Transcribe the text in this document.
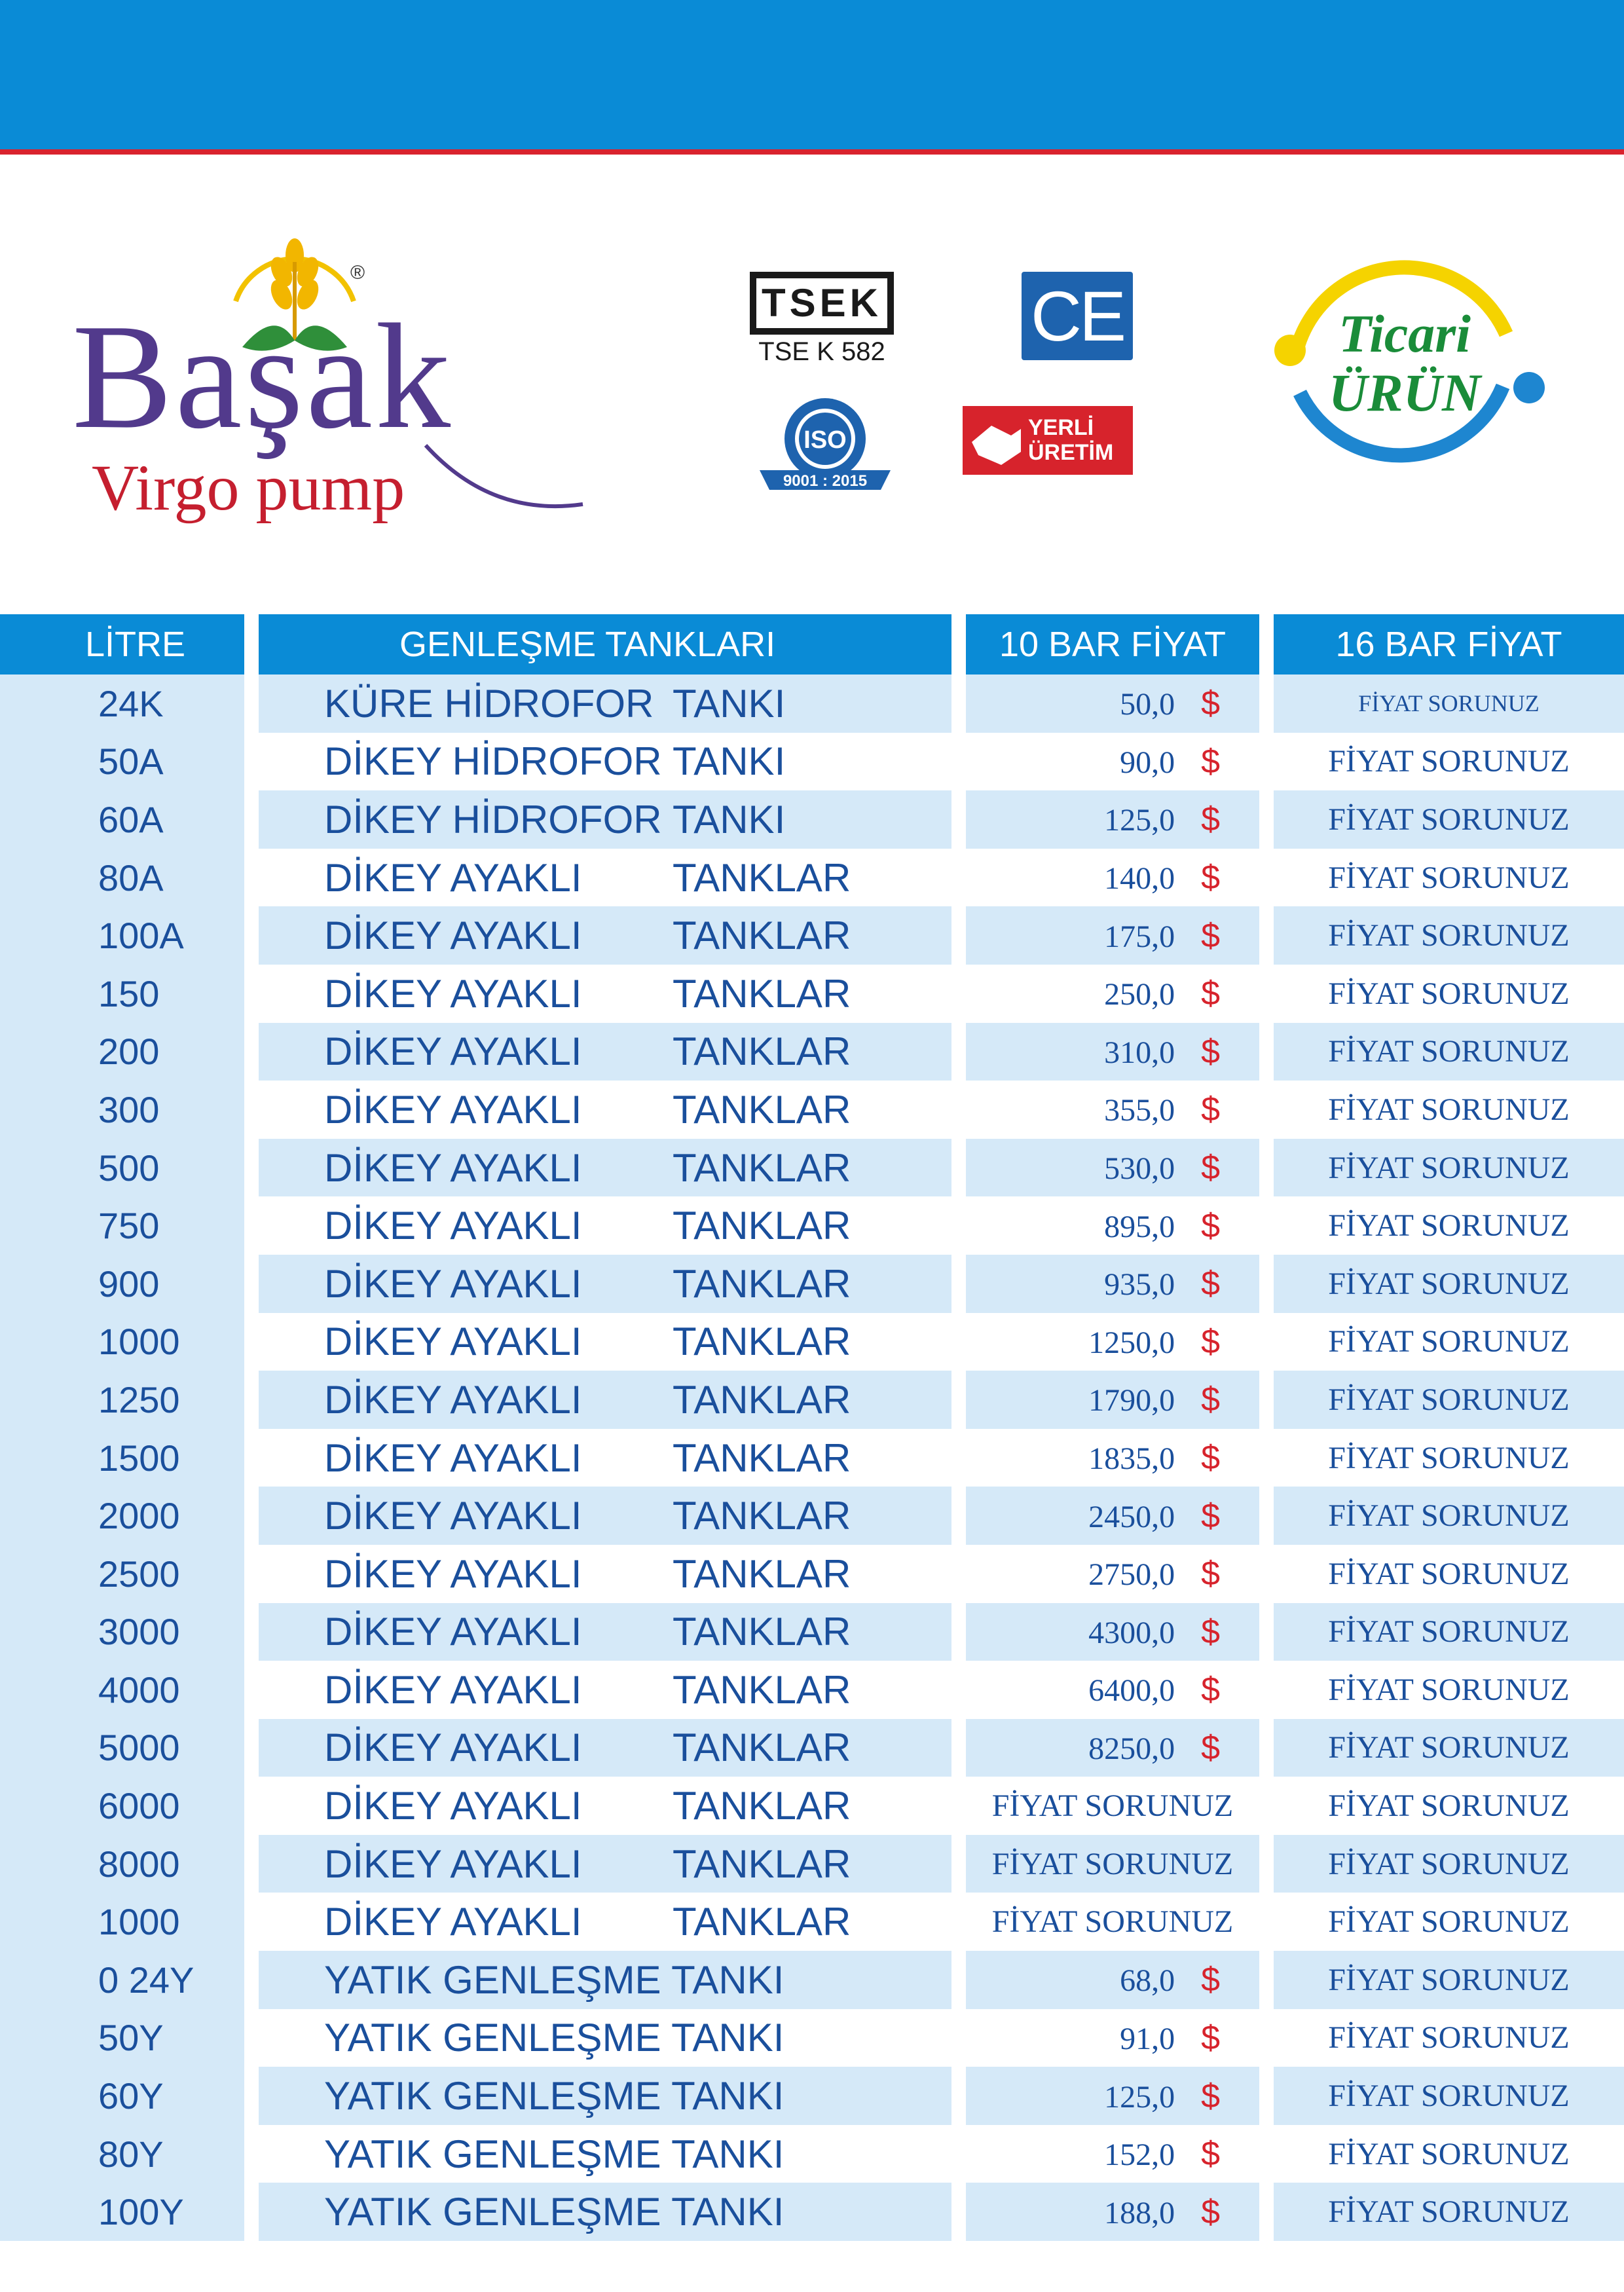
®
Başak
Virgo pump
TSEK
TSE K 582 CE
ISO
9001 : 2015
YERLİ
ÜRETİM
Ticari
ÜRÜN
LİTRE	GENLEŞME TANKLARI	10 BAR FİYAT	16 BAR FİYAT
24K	KÜRE HİDROFOR TANKI	50,0 $	FİYAT SORUNUZ
50A	DİKEY HİDROFOR TANKI	90,0 $	FİYAT SORUNUZ
60A	DİKEY HİDROFOR TANKI	125,0 $	FİYAT SORUNUZ
80A	DİKEY AYAKLI TANKLAR	140,0 $	FİYAT SORUNUZ
100A	DİKEY AYAKLI TANKLAR	175,0 $	FİYAT SORUNUZ
150	DİKEY AYAKLI TANKLAR	250,0 $	FİYAT SORUNUZ
200	DİKEY AYAKLI TANKLAR	310,0 $	FİYAT SORUNUZ
300	DİKEY AYAKLI TANKLAR	355,0 $	FİYAT SORUNUZ
500	DİKEY AYAKLI TANKLAR	530,0 $	FİYAT SORUNUZ
750	DİKEY AYAKLI TANKLAR	895,0 $	FİYAT SORUNUZ
900	DİKEY AYAKLI TANKLAR	935,0 $	FİYAT SORUNUZ
1000	DİKEY AYAKLI TANKLAR	1250,0 $	FİYAT SORUNUZ
1250	DİKEY AYAKLI TANKLAR	1790,0 $	FİYAT SORUNUZ
1500	DİKEY AYAKLI TANKLAR	1835,0 $	FİYAT SORUNUZ
2000	DİKEY AYAKLI TANKLAR	2450,0 $	FİYAT SORUNUZ
2500	DİKEY AYAKLI TANKLAR	2750,0 $	FİYAT SORUNUZ
3000	DİKEY AYAKLI TANKLAR	4300,0 $	FİYAT SORUNUZ
4000	DİKEY AYAKLI TANKLAR	6400,0 $	FİYAT SORUNUZ
5000	DİKEY AYAKLI TANKLAR	8250,0 $	FİYAT SORUNUZ
6000	DİKEY AYAKLI TANKLAR	FİYAT SORUNUZ	FİYAT SORUNUZ
8000	DİKEY AYAKLI TANKLAR	FİYAT SORUNUZ	FİYAT SORUNUZ
1000	DİKEY AYAKLI TANKLAR	FİYAT SORUNUZ	FİYAT SORUNUZ
0 24Y	YATIK GENLEŞME TANKI	68,0 $	FİYAT SORUNUZ
50Y	YATIK GENLEŞME TANKI	91,0 $	FİYAT SORUNUZ
60Y	YATIK GENLEŞME TANKI	125,0 $	FİYAT SORUNUZ
80Y	YATIK GENLEŞME TANKI	152,0 $	FİYAT SORUNUZ
100Y	YATIK GENLEŞME TANKI	188,0 $	FİYAT SORUNUZ
